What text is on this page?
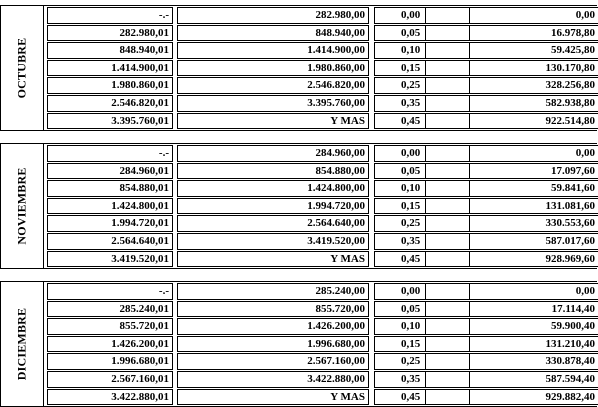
OCTUBRE
-.-	282.980,00	0,00	0,00
282.980,01	848.940,00	0,05	16.978,80
848.940,01	1.414.900,00	0,10	59.425,80
1.414.900,01	1.980.860,00	0,15	130.170,80
1.980.860,01	2.546.820,00	0,25	328.256,80
2.546.820,01	3.395.760,00	0,35	582.938,80
3.395.760,01	Y MAS	0,45	922.514,80
NOVIEMBRE
-.-	284.960,00	0,00	0,00
284.960,01	854.880,00	0,05	17.097,60
854.880,01	1.424.800,00	0,10	59.841,60
1.424.800,01	1.994.720,00	0,15	131.081,60
1.994.720,01	2.564.640,00	0,25	330.553,60
2.564.640,01	3.419.520,00	0,35	587.017,60
3.419.520,01	Y MAS	0,45	928.969,60
DICIEMBRE
-.-	285.240,00	0,00	0,00
285.240,01	855.720,00	0,05	17.114,40
855.720,01	1.426.200,00	0,10	59.900,40
1.426.200,01	1.996.680,00	0,15	131.210,40
1.996.680,01	2.567.160,00	0,25	330.878,40
2.567.160,01	3.422.880,00	0,35	587.594,40
3.422.880,01	Y MAS	0,45	929.882,40
